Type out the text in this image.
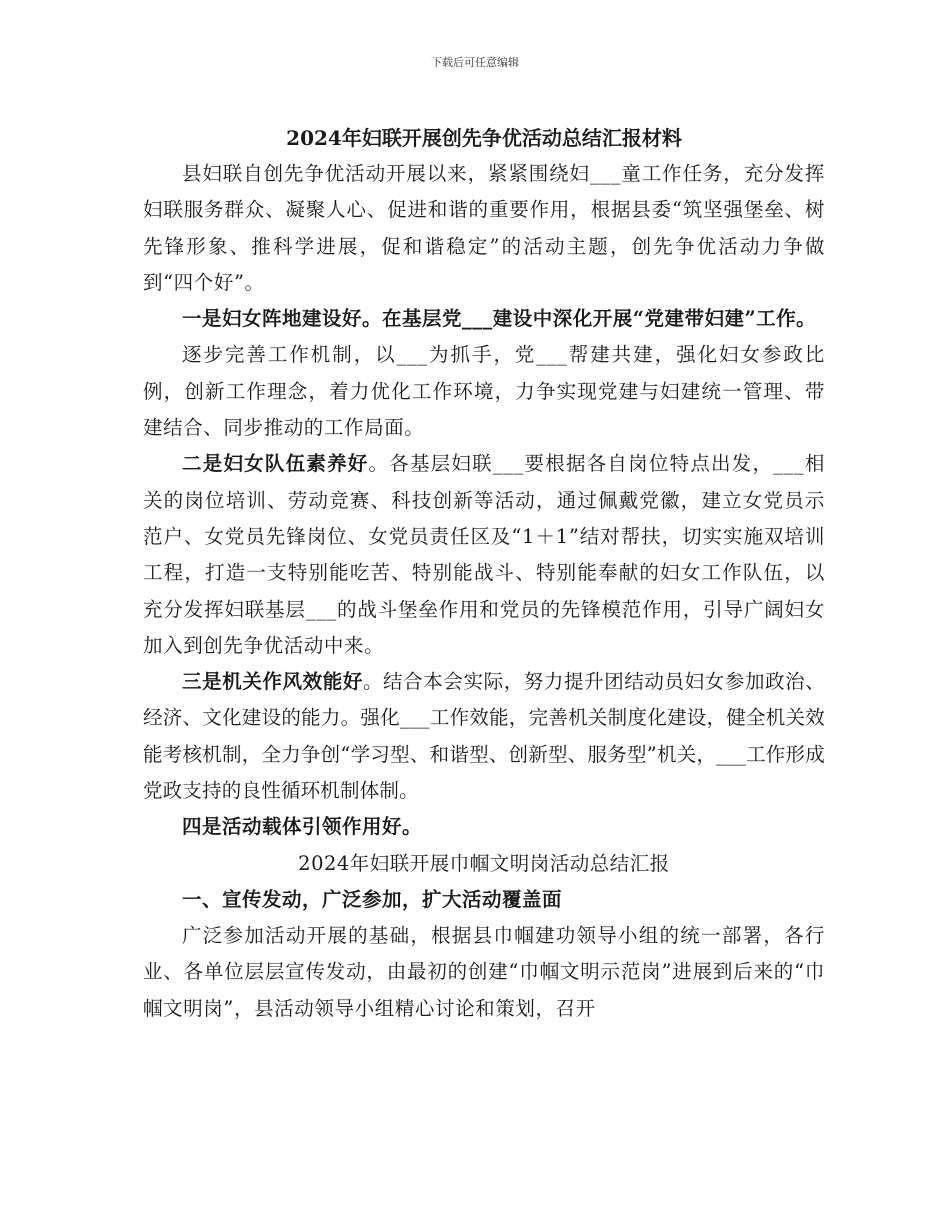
下载后可任意编辑
2024年妇联开展创先争优活动总结汇报材料

县妇联自创先争优活动开展以来，紧紧围绕妇___童工作任务，充分发挥妇联服务群众、凝聚人心、促进和谐的重要作用，根据县委“筑坚强堡垒、树先锋形象、推科学进展，促和谐稳定”的活动主题，创先争优活动力争做到“四个好”。

一是妇女阵地建设好。在基层党___建设中深化开展“党建带妇建”工作。

逐步完善工作机制，以___为抓手，党___帮建共建，强化妇女参政比例，创新工作理念，着力优化工作环境，力争实现党建与妇建统一管理、带建结合、同步推动的工作局面。

二是妇女队伍素养好。各基层妇联___要根据各自岗位特点出发，___相关的岗位培训、劳动竞赛、科技创新等活动，通过佩戴党徽，建立女党员示范户、女党员先锋岗位、女党员责任区及“1＋1”结对帮扶，切实实施双培训工程，打造一支特别能吃苦、特别能战斗、特别能奉献的妇女工作队伍，以充分发挥妇联基层___的战斗堡垒作用和党员的先锋模范作用，引导广阔妇女加入到创先争优活动中来。

三是机关作风效能好。结合本会实际，努力提升团结动员妇女参加政治、经济、文化建设的能力。强化___工作效能，完善机关制度化建设，健全机关效能考核机制，全力争创“学习型、和谐型、创新型、服务型”机关，___工作形成党政支持的良性循环机制体制。

四是活动载体引领作用好。

2024年妇联开展巾帼文明岗活动总结汇报

一、宣传发动，广泛参加，扩大活动覆盖面

广泛参加活动开展的基础，根据县巾帼建功领导小组的统一部署，各行业、各单位层层宣传发动，由最初的创建“巾帼文明示范岗”进展到后来的“巾帼文明岗”，县活动领导小组精心讨论和策划，召开
